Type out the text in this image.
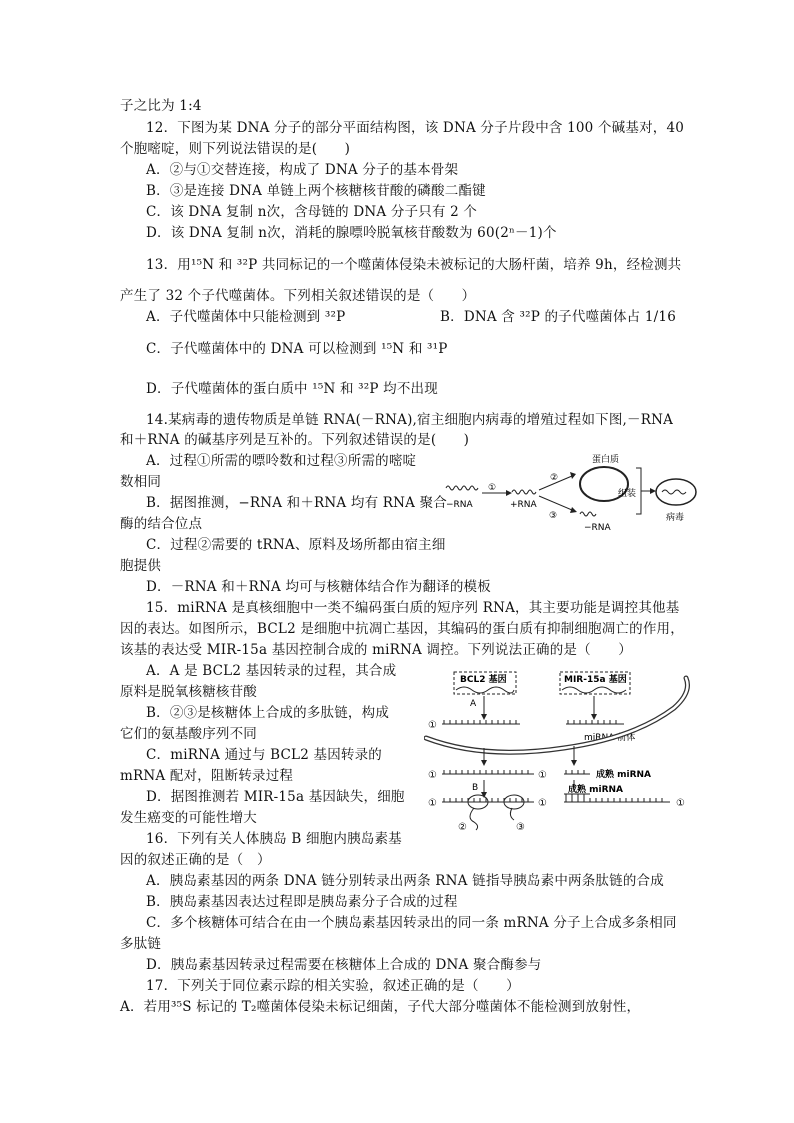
子之比为 1:4
12．下图为某 DNA 分子的部分平面结构图，该 DNA 分子片段中含 100 个碱基对，40
个胞嘧啶，则下列说法错误的是(　　)
A．②与①交替连接，构成了 DNA 分子的基本骨架
B．③是连接 DNA 单链上两个核糖核苷酸的磷酸二酯键
C．该 DNA 复制 n次，含母链的 DNA 分子只有 2 个
D．该 DNA 复制 n次，消耗的腺嘌呤脱氧核苷酸数为 60(2ⁿ－1)个
13．用¹⁵N 和 ³²P 共同标记的一个噬菌体侵染未被标记的大肠杆菌，培养 9h，经检测共
产生了 32 个子代噬菌体。下列相关叙述错误的是（　　）
A．子代噬菌体中只能检测到 ³²P	B．DNA 含 ³²P 的子代噬菌体占 1/16
C．子代噬菌体中的 DNA 可以检测到 ¹⁵N 和 ³¹P
D．子代噬菌体的蛋白质中 ¹⁵N 和 ³²P 均不出现
14.某病毒的遗传物质是单链 RNA(－RNA),宿主细胞内病毒的增殖过程如下图,－RNA
和＋RNA 的碱基序列是互补的。下列叙述错误的是(　　)
A．过程①所需的嘌呤数和过程③所需的嘧啶
数相同
B．据图推测，−RNA 和＋RNA 均有 RNA 聚合
酶的结合位点
C．过程②需要的 tRNA、原料及场所都由宿主细
胞提供
D．－RNA 和＋RNA 均可与核糖体结合作为翻译的模板
−RNA
①
+RNA
②
③
−RNA
蛋白质
组装
病毒
15．miRNA 是真核细胞中一类不编码蛋白质的短序列 RNA，其主要功能是调控其他基
因的表达。如图所示，BCL2 是细胞中抗凋亡基因，其编码的蛋白质有抑制细胞凋亡的作用，
该基的表达受 MIR-15a 基因控制合成的 miRNA 调控。下列说法正确的是（　　）
A．A 是 BCL2 基因转录的过程，其合成
原料是脱氧核糖核苷酸
B．②③是核糖体上合成的多肽链，构成
它们的氨基酸序列不同
C．miRNA 通过与 BCL2 基因转录的
mRNA 配对，阻断转录过程
D．据图推测若 MIR-15a 基因缺失，细胞
发生癌变的可能性增大
BCL2 基因	MIR-15a 基因
A
①
miRNA 前体
①	①	成熟 miRNA
B
①
②	③
①
成熟 miRNA
①
16．下列有关人体胰岛 B 细胞内胰岛素基
因的叙述正确的是（　）
A．胰岛素基因的两条 DNA 链分别转录出两条 RNA 链指导胰岛素中两条肽链的合成
B．胰岛素基因表达过程即是胰岛素分子合成的过程
C．多个核糖体可结合在由一个胰岛素基因转录出的同一条 mRNA 分子上合成多条相同
多肽链
D．胰岛素基因转录过程需要在核糖体上合成的 DNA 聚合酶参与
17．下列关于同位素示踪的相关实验，叙述正确的是（　　）
A．若用³⁵S 标记的 T₂噬菌体侵染未标记细菌，子代大部分噬菌体不能检测到放射性，
